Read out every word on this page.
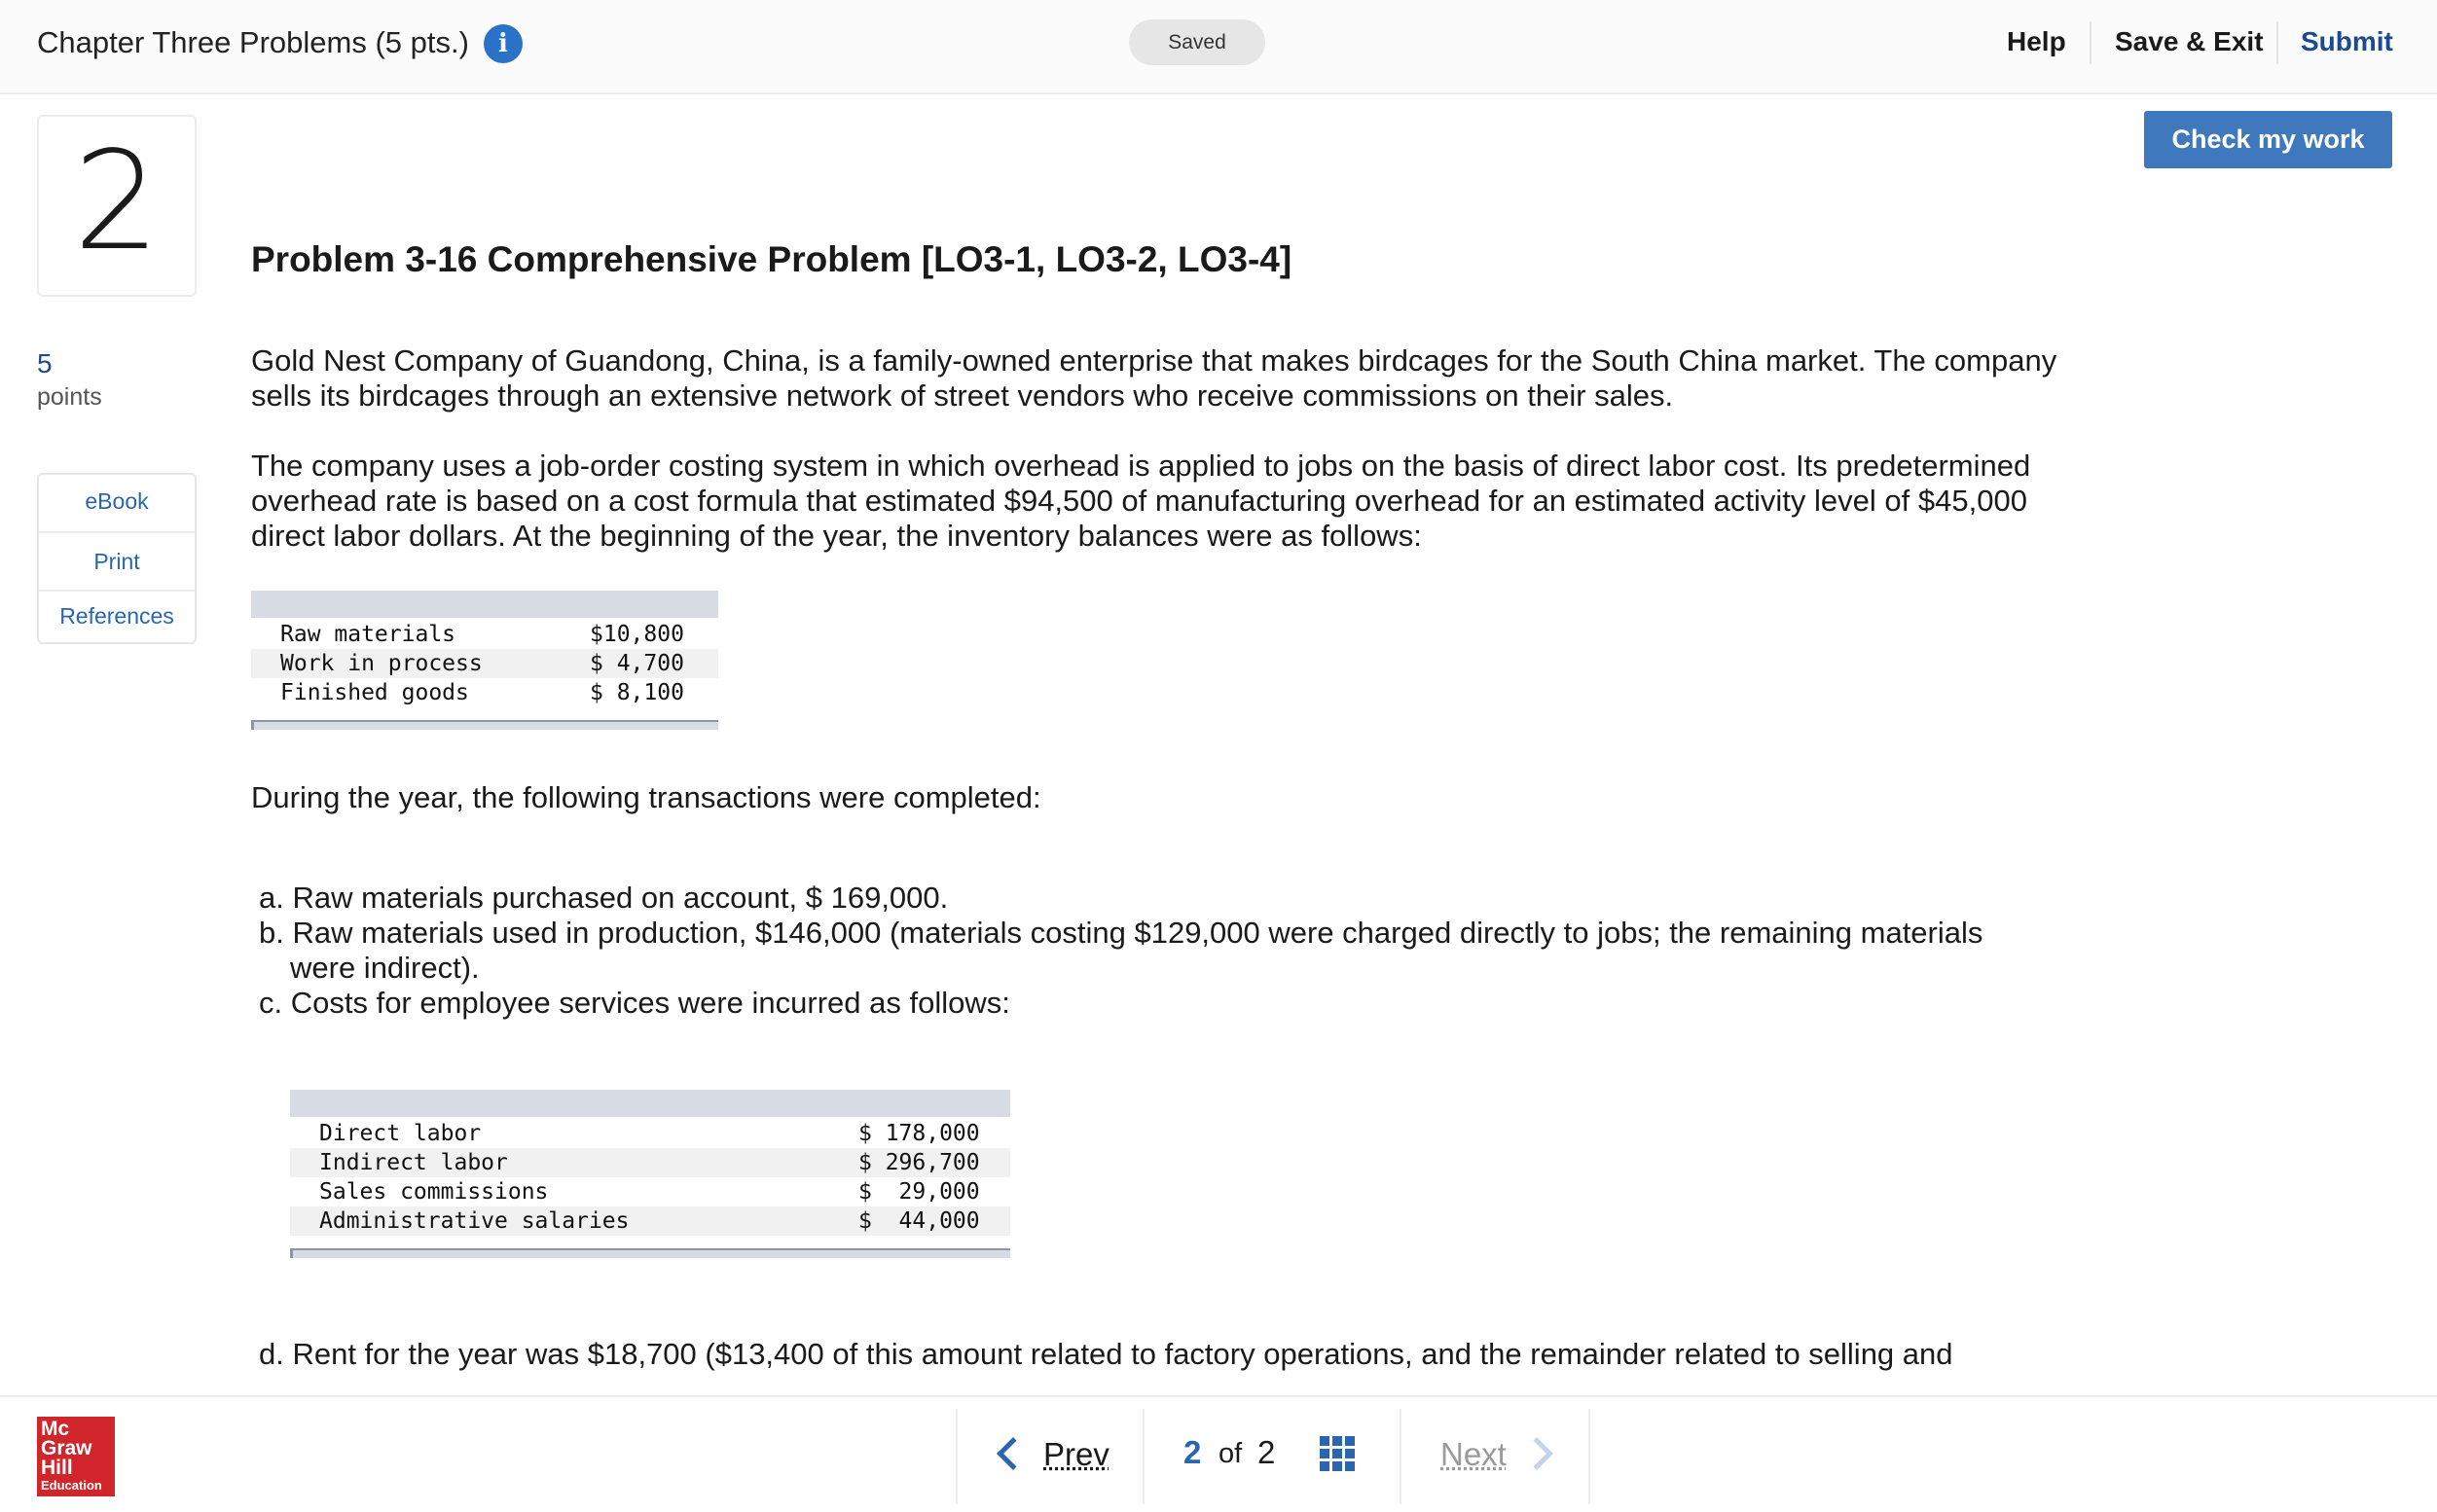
Chapter Three Problems (5 pts.)	i	Saved	Help Save & Exit Submit
Check my work
2
5
points
eBook
Print
References
Problem 3-16 Comprehensive Problem [LO3-1, LO3-2, LO3-4]
Gold Nest Company of Guandong, China, is a family-owned enterprise that makes birdcages for the South China market. The company
sells its birdcages through an extensive network of street vendors who receive commissions on their sales.
The company uses a job-order costing system in which overhead is applied to jobs on the basis of direct labor cost. Its predetermined
overhead rate is based on a cost formula that estimated $94,500 of manufacturing overhead for an estimated activity level of $45,000
direct labor dollars. At the beginning of the year, the inventory balances were as follows:
Raw materials	$10,800
Work in process	$ 4,700
Finished goods	$ 8,100
During the year, the following transactions were completed:
a. Raw materials purchased on account, $ 169,000.
b. Raw materials used in production, $146,000 (materials costing $129,000 were charged directly to jobs; the remaining materials
were indirect).
c. Costs for employee services were incurred as follows:
Direct labor	$ 178,000
Indirect labor	$ 296,700
Sales commissions	$  29,000
Administrative salaries	$  44,000
d. Rent for the year was $18,700 ($13,400 of this amount related to factory operations, and the remainder related to selling and
Mc
Graw
Hill
Education
Prev 2 of 2	Next
